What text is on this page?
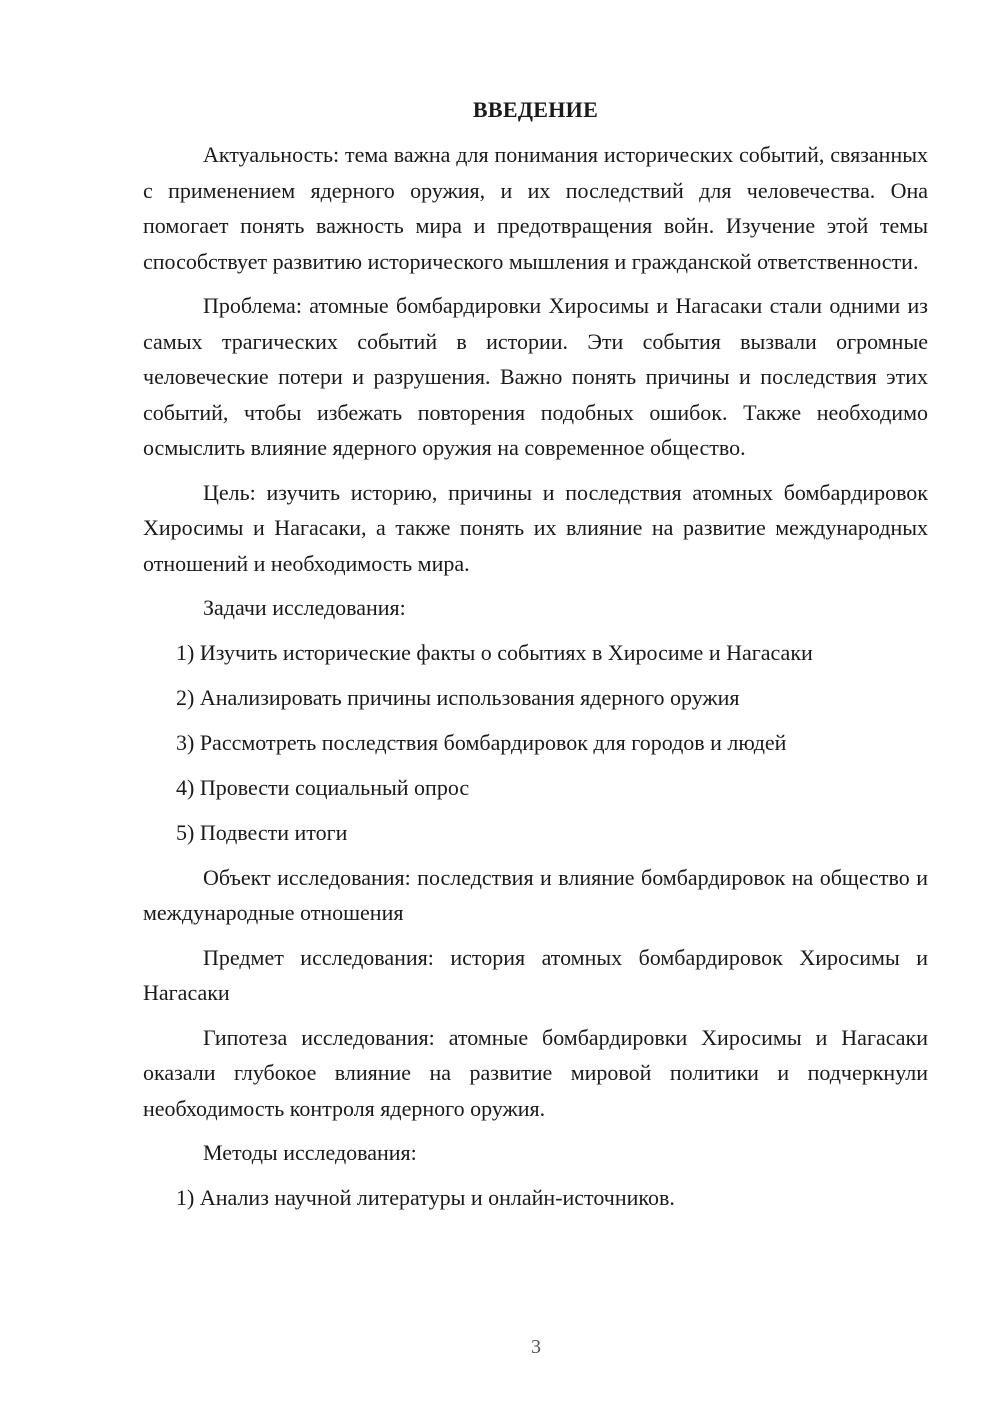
ВВЕДЕНИЕ

Актуальность: тема важна для понимания исторических событий, связанных с применением ядерного оружия, и их последствий для человечества. Она помогает понять важность мира и предотвращения войн. Изучение этой темы способствует развитию исторического мышления и гражданской ответственности.

Проблема: атомные бомбардировки Хиросимы и Нагасаки стали одними из самых трагических событий в истории. Эти события вызвали огромные человеческие потери и разрушения. Важно понять причины и последствия этих событий, чтобы избежать повторения подобных ошибок. Также необходимо осмыслить влияние ядерного оружия на современное общество.

Цель: изучить историю, причины и последствия атомных бомбардировок Хиросимы и Нагасаки, а также понять их влияние на развитие международных отношений и необходимость мира.

Задачи исследования:

1) Изучить исторические факты о событиях в Хиросиме и Нагасаки

2) Анализировать причины использования ядерного оружия

3) Рассмотреть последствия бомбардировок для городов и людей

4) Провести социальный опрос

5) Подвести итоги

Объект исследования: последствия и влияние бомбардировок на общество и международные отношения

Предмет исследования: история атомных бомбардировок Хиросимы и Нагасаки

Гипотеза исследования: атомные бомбардировки Хиросимы и Нагасаки оказали глубокое влияние на развитие мировой политики и подчеркнули необходимость контроля ядерного оружия.

Методы исследования:

1) Анализ научной литературы и онлайн-источников.

3
